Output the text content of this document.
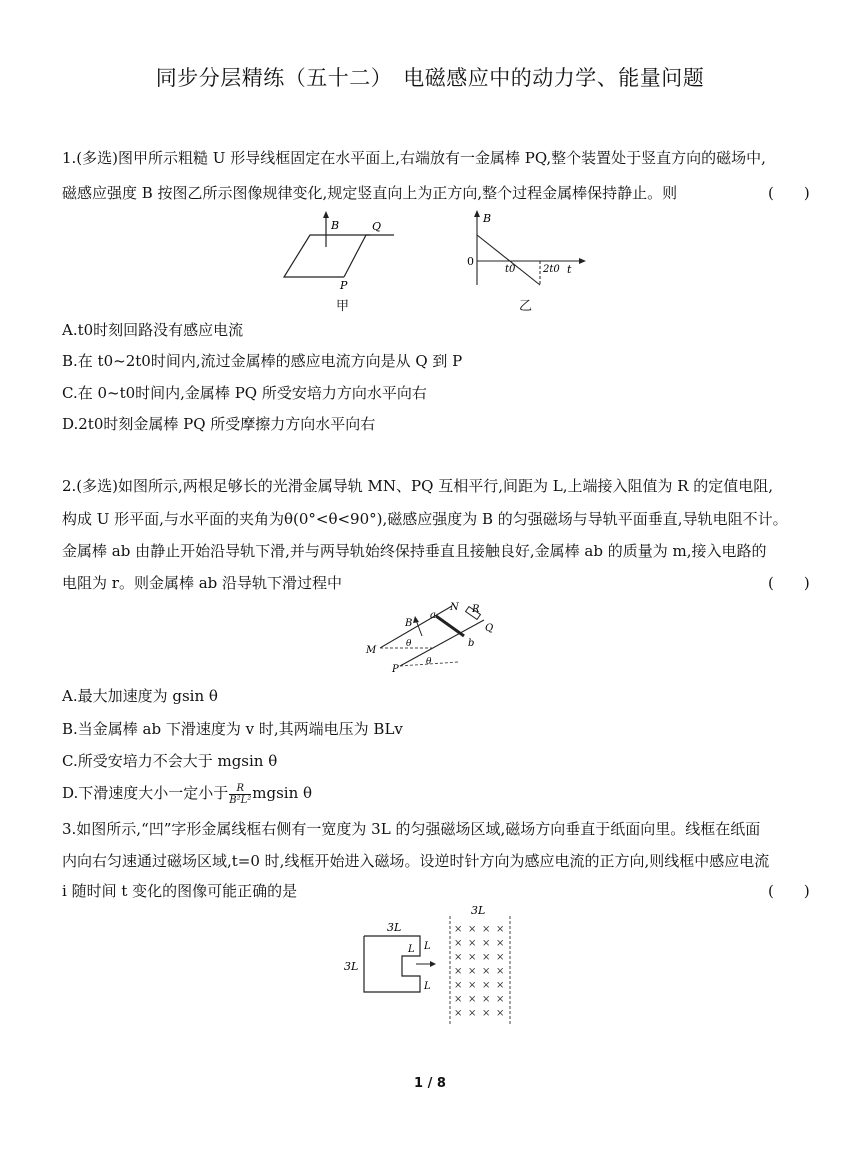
同步分层精练（五十二）　电磁感应中的动力学、能量问题
1.(多选)图甲所示粗糙 U 形导线框固定在水平面上,右端放有一金属棒 PQ,整个装置处于竖直方向的磁场中,
磁感应强度 B 按图乙所示图像规律变化,规定竖直向上为正方向,整个过程金属棒保持静止。则	(　　)
B	Q
P
B
0
t0	2t0 t
甲	乙
A.t0时刻回路没有感应电流
B.在 t0~2t0时间内,流过金属棒的感应电流方向是从 Q 到 P
C.在 0~t0时间内,金属棒 PQ 所受安培力方向水平向右
D.2t0时刻金属棒 PQ 所受摩擦力方向水平向右
2.(多选)如图所示,两根足够长的光滑金属导轨 MN、PQ 互相平行,间距为 L,上端接入阻值为 R 的定值电阻,
构成 U 形平面,与水平面的夹角为θ(0°<θ<90°),磁感应强度为 B 的匀强磁场与导轨平面垂直,导轨电阻不计。
金属棒 ab 由静止开始沿导轨下滑,并与两导轨始终保持垂直且接触良好,金属棒 ab 的质量为 m,接入电路的
电阻为 r。则金属棒 ab 沿导轨下滑过程中	(　　)
B
a
N R
Q
b
M
P
θ
θ
A.最大加速度为 gsin θ
B.当金属棒 ab 下滑速度为 v 时,其两端电压为 BLv
C.所受安培力不会大于 mgsin θ
D.下滑速度大小一定小于 $\frac{R}{\text{B²L²}}$ mgsin θ
3.如图所示,“凹”字形金属线框右侧有一宽度为 3L 的匀强磁场区域,磁场方向垂直于纸面向里。线框在纸面
内向右匀速通过磁场区域,t=0 时,线框开始进入磁场。设逆时针方向为感应电流的正方向,则线框中感应电流
i 随时间 t 变化的图像可能正确的是	(　　)
3L
3L
L
L
L
3L
× × × ×
× × × ×
× × × ×
× × × ×
× × × ×
× × × ×
× × × ×
1 / 8
